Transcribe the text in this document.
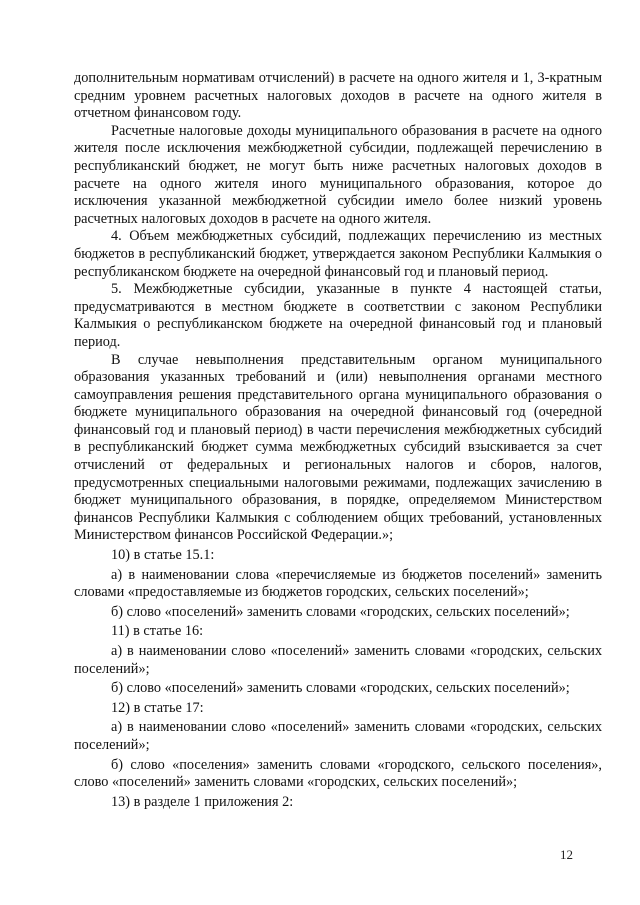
дополнительным нормативам отчислений) в расчете на одного жителя и 1, 3-кратным средним уровнем расчетных налоговых доходов в расчете на одного жителя в отчетном финансовом году.

Расчетные налоговые доходы муниципального образования в расчете на одного жителя после исключения межбюджетной субсидии, подлежащей перечислению в республиканский бюджет, не могут быть ниже расчетных налоговых доходов в расчете на одного жителя иного муниципального образования, которое до исключения указанной межбюджетной субсидии имело более низкий уровень расчетных налоговых доходов в расчете на одного жителя.

4. Объем межбюджетных субсидий, подлежащих перечислению из местных бюджетов в республиканский бюджет, утверждается законом Республики Калмыкия о республиканском бюджете на очередной финансовый год и плановый период.

5. Межбюджетные субсидии, указанные в пункте 4 настоящей статьи, предусматриваются в местном бюджете в соответствии с законом Республики Калмыкия о республиканском бюджете на очередной финансовый год и плановый период.

В случае невыполнения представительным органом муниципального образования указанных требований и (или) невыполнения органами местного самоуправления решения представительного органа муниципального образования о бюджете муниципального образования на очередной финансовый год (очередной финансовый год и плановый период) в части перечисления межбюджетных субсидий в республиканский бюджет сумма межбюджетных субсидий взыскивается за счет отчислений от федеральных и региональных налогов и сборов, налогов, предусмотренных специальными налоговыми режимами, подлежащих зачислению в бюджет муниципального образования, в порядке, определяемом Министерством финансов Республики Калмыкия с соблюдением общих требований, установленных Министерством финансов Российской Федерации.»;

10) в статье 15.1:

а) в наименовании слова «перечисляемые из бюджетов поселений» заменить словами «предоставляемые из бюджетов городских, сельских поселений»;

б) слово «поселений» заменить словами «городских, сельских поселений»;

11) в статье 16:

а) в наименовании слово «поселений» заменить словами «городских, сельских поселений»;

б) слово «поселений» заменить словами «городских, сельских поселений»;

12) в статье 17:

а) в наименовании слово «поселений» заменить словами «городских, сельских поселений»;

б) слово «поселения» заменить словами «городского, сельского поселения», слово «поселений» заменить словами «городских, сельских поселений»;

13) в разделе 1 приложения 2:

12
